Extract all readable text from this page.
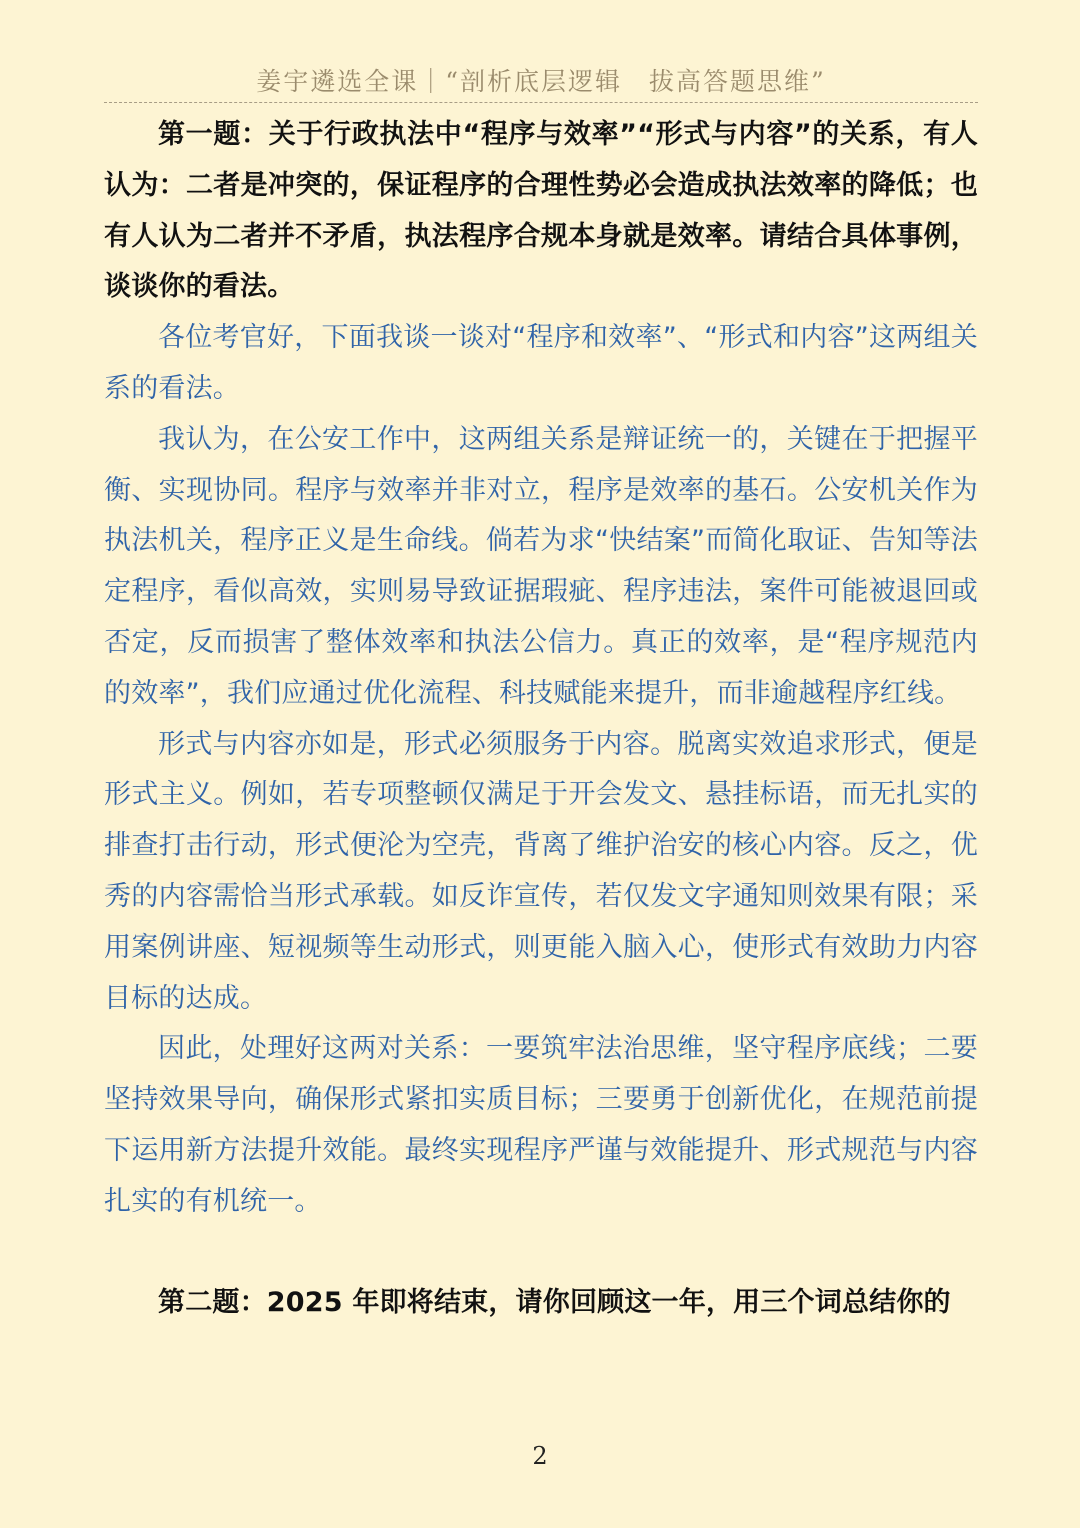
姜宇遴选全课｜“剖析底层逻辑　拔高答题思维”

第一题：关于行政执法中“程序与效率”“形式与内容”的关系，有人认为：二者是冲突的，保证程序的合理性势必会造成执法效率的降低；也有人认为二者并不矛盾，执法程序合规本身就是效率。请结合具体事例，谈谈你的看法。

各位考官好，下面我谈一谈对“程序和效率”、“形式和内容”这两组关系的看法。

我认为，在公安工作中，这两组关系是辩证统一的，关键在于把握平衡、实现协同。程序与效率并非对立，程序是效率的基石。公安机关作为执法机关，程序正义是生命线。倘若为求“快结案”而简化取证、告知等法定程序，看似高效，实则易导致证据瑕疵、程序违法，案件可能被退回或否定，反而损害了整体效率和执法公信力。真正的效率，是“程序规范内的效率”，我们应通过优化流程、科技赋能来提升，而非逾越程序红线。

形式与内容亦如是，形式必须服务于内容。脱离实效追求形式，便是形式主义。例如，若专项整顿仅满足于开会发文、悬挂标语，而无扎实的排查打击行动，形式便沦为空壳，背离了维护治安的核心内容。反之，优秀的内容需恰当形式承载。如反诈宣传，若仅发文字通知则效果有限；采用案例讲座、短视频等生动形式，则更能入脑入心，使形式有效助力内容目标的达成。

因此，处理好这两对关系：一要筑牢法治思维，坚守程序底线；二要坚持效果导向，确保形式紧扣实质目标；三要勇于创新优化，在规范前提下运用新方法提升效能。最终实现程序严谨与效能提升、形式规范与内容扎实的有机统一。

第二题：2025 年即将结束，请你回顾这一年，用三个词总结你的

2
